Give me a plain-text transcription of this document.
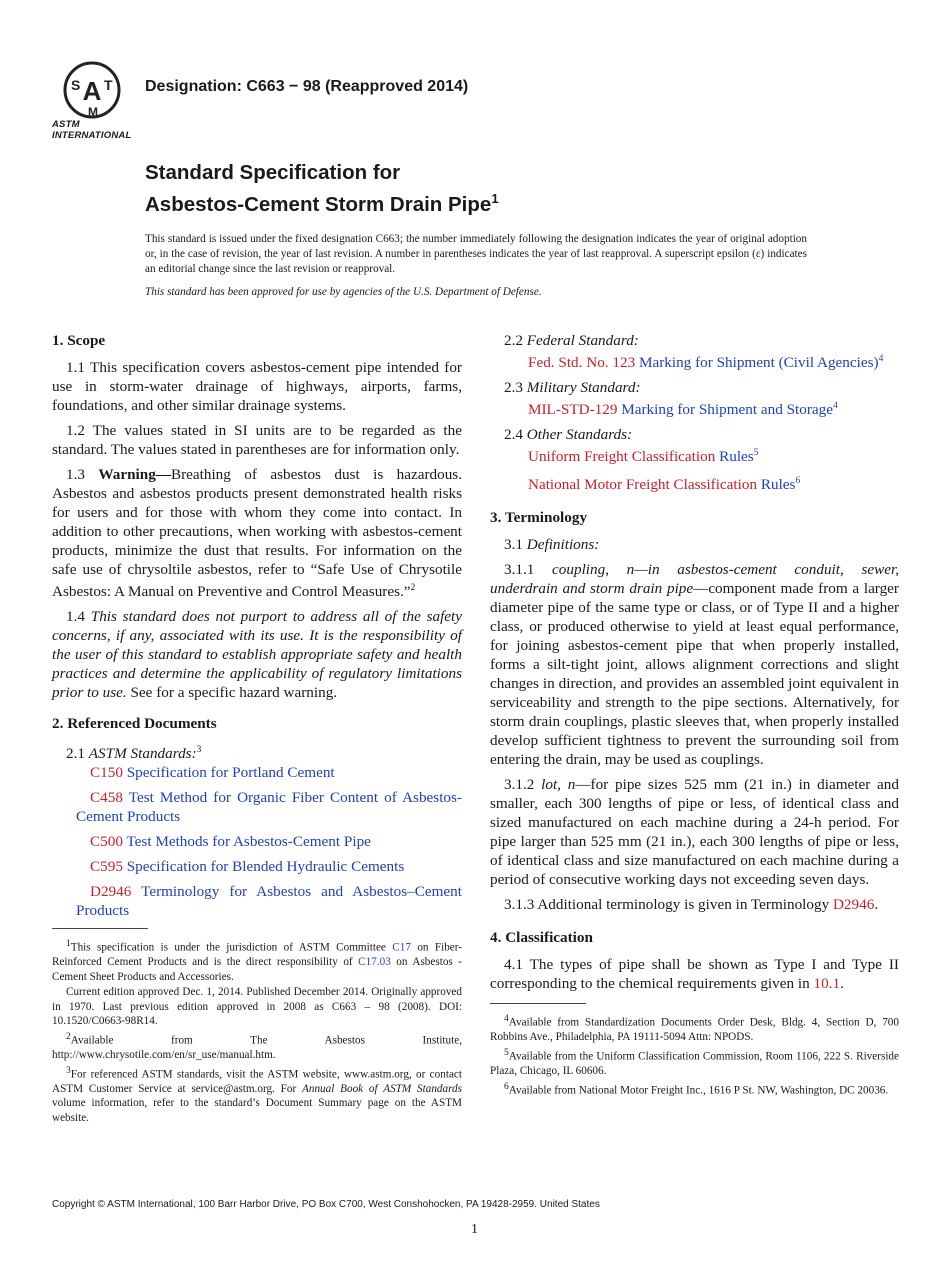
A
S T
M
ASTM INTERNATIONAL
Designation: C663 − 98 (Reapproved 2014)
Standard Specification for
Asbestos-Cement Storm Drain Pipe$^1$
This standard is issued under the fixed designation C663; the number immediately following the designation indicates the year of original adoption or, in the case of revision, the year of last revision. A number in parentheses indicates the year of last reapproval. A superscript epsilon (ε) indicates an editorial change since the last revision or reapproval.
This standard has been approved for use by agencies of the U.S. Department of Defense.
1. Scope

1.1 This specification covers asbestos-cement pipe intended for use in storm-water drainage of highways, airports, farms, foundations, and other similar drainage systems.

1.2 The values stated in SI units are to be regarded as the standard. The values stated in parentheses are for information only.

1.3 Warning—Breathing of asbestos dust is hazardous. Asbestos and asbestos products present demonstrated health risks for users and for those with whom they come into contact. In addition to other precautions, when working with asbestos-cement products, minimize the dust that results. For information on the safe use of chrysoltile asbestos, refer to “Safe Use of Chrysotile Asbestos: A Manual on Preventive and Control Measures.”$^2$

1.4 This standard does not purport to address all of the safety concerns, if any, associated with its use. It is the responsibility of the user of this standard to establish appropriate safety and health practices and determine the applicability of regulatory limitations prior to use. See for a specific hazard warning.

2. Referenced Documents
2.1 ASTM Standards:$^3$

C150 Specification for Portland Cement

C458 Test Method for Organic Fiber Content of Asbestos-Cement Products

C500 Test Methods for Asbestos-Cement Pipe

C595 Specification for Blended Hydraulic Cements

D2946 Terminology for Asbestos and Asbestos–Cement Products

$^1$This specification is under the jurisdiction of ASTM Committee C17 on Fiber-Reinforced Cement Products and is the direct responsibility of C17.03 on Asbestos - Cement Sheet Products and Accessories.

Current edition approved Dec. 1, 2014. Published December 2014. Originally approved in 1970. Last previous edition approved in 2008 as C663 – 98 (2008). DOI: 10.1520/C0663-98R14.

$^2$Available from The Asbestos Institute, http://www.chrysotile.com/en/sr_use/manual.htm.

$^3$For referenced ASTM standards, visit the ASTM website, www.astm.org, or contact ASTM Customer Service at service@astm.org. For Annual Book of ASTM Standards volume information, refer to the standard’s Document Summary page on the ASTM website.

2.2 Federal Standard:

Fed. Std. No. 123 Marking for Shipment (Civil Agencies)$^4$

2.3 Military Standard:

MIL-STD-129 Marking for Shipment and Storage$^4$

2.4 Other Standards:

Uniform Freight Classification Rules$^5$

National Motor Freight Classification Rules$^6$

3. Terminology

3.1 Definitions:

3.1.1 coupling, n—in asbestos-cement conduit, sewer, underdrain and storm drain pipe—component made from a larger diameter pipe of the same type or class, or of Type II and a higher class, or produced otherwise to yield at least equal performance, for joining asbestos-cement pipe that when properly installed, forms a silt-tight joint, allows alignment corrections and slight changes in direction, and provides an assembled joint equivalent in serviceability and strength to the pipe sections. Alternatively, for storm drain couplings, plastic sleeves that, when properly installed develop sufficient tightness to prevent the surrounding soil from entering the drain, may be used as couplings.

3.1.2 lot, n—for pipe sizes 525 mm (21 in.) in diameter and smaller, each 300 lengths of pipe or less, of identical class and sized manufactured on each machine during a 24-h period. For pipe larger than 525 mm (21 in.), each 300 lengths of pipe or less, of identical class and size manufactured on each machine during a period of consecutive working days not exceeding seven days.

3.1.3 Additional terminology is given in Terminology D2946.

4. Classification

4.1 The types of pipe shall be shown as Type I and Type II corresponding to the chemical requirements given in 10.1.

$^4$Available from Standardization Documents Order Desk, Bldg. 4, Section D, 700 Robbins Ave., Philadelphia, PA 19111-5094 Attn: NPODS.

$^5$Available from the Uniform Classification Commission, Room 1106, 222 S. Riverside Plaza, Chicago, IL 60606.

$^6$Available from National Motor Freight Inc., 1616 P St. NW, Washington, DC 20036.

Copyright © ASTM International, 100 Barr Harbor Drive, PO Box C700, West Conshohocken, PA 19428-2959. United States
1
